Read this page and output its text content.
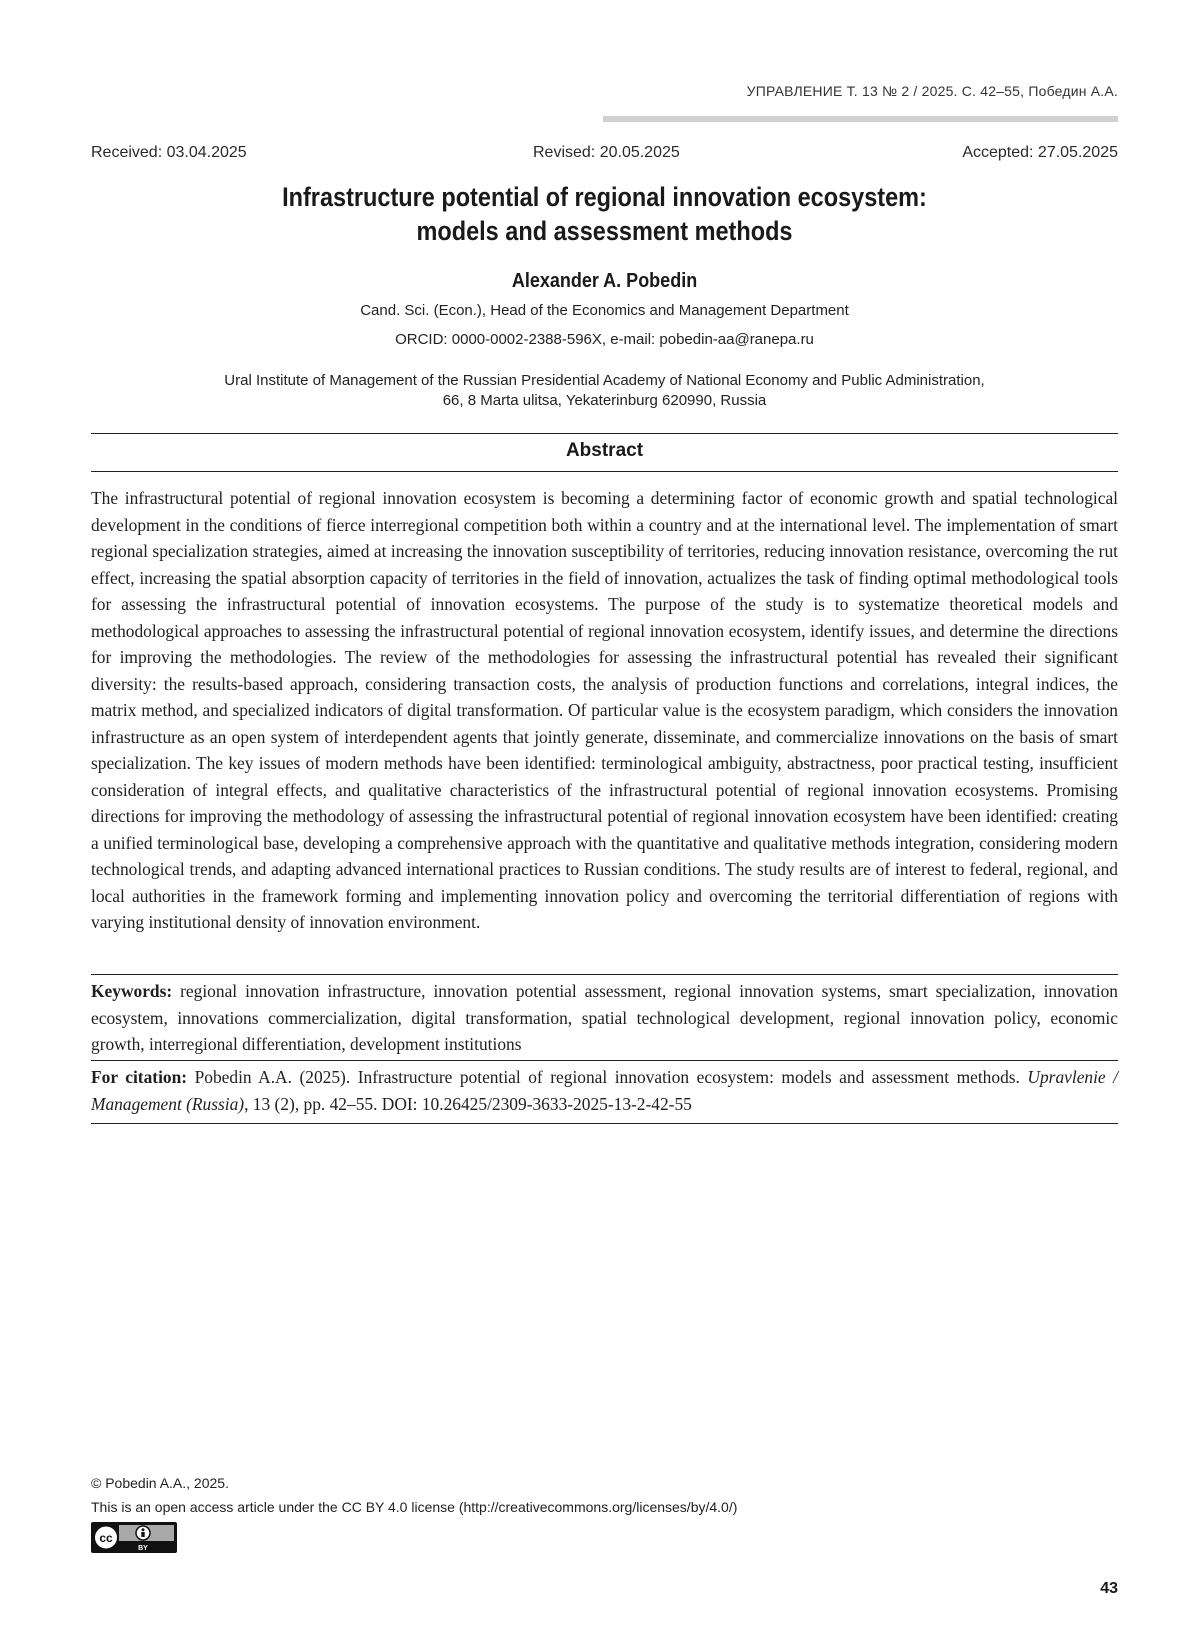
УПРАВЛЕНИЕ Т. 13 № 2 / 2025. С. 42–55, Победин А.А.
Received: 03.04.2025	Revised: 20.05.2025	Accepted: 27.05.2025
Infrastructure potential of regional innovation ecosystem:
models and assessment methods
Alexander A. Pobedin
Cand. Sci. (Econ.), Head of the Economics and Management Department
ORCID: 0000-0002-2388-596X, e-mail: pobedin-aa@ranepa.ru
Ural Institute of Management of the Russian Presidential Academy of National Economy and Public Administration,
66, 8 Marta ulitsa, Yekaterinburg 620990, Russia
Abstract
The infrastructural potential of regional innovation ecosystem is becoming a determining factor of economic growth and spatial technological development in the conditions of fierce interregional competition both within a country and at the international level. The implementation of smart regional specialization strategies, aimed at increasing the innovation susceptibility of territories, reducing innovation resistance, overcoming the rut effect, increasing the spatial absorption capacity of territories in the field of innovation, actualizes the task of finding optimal methodological tools for assessing the infrastructural potential of innovation ecosystems. The purpose of the study is to systematize theoretical models and methodological approaches to assessing the infrastructural potential of regional innovation ecosystem, identify issues, and determine the directions for improving the methodologies. The review of the methodologies for assessing the infrastructural potential has revealed their significant diversity: the results-based approach, considering transaction costs, the analysis of production functions and correlations, integral indices, the matrix method, and specialized indicators of digital transformation. Of particular value is the ecosystem paradigm, which considers the innovation infrastructure as an open system of interdependent agents that jointly generate, disseminate, and commercialize innovations on the basis of smart specialization. The key issues of modern methods have been identified: terminological ambiguity, abstractness, poor practical testing, insufficient consideration of integral effects, and qualitative characteristics of the infrastructural potential of regional innovation ecosystems. Promising directions for improving the methodology of assessing the infrastructural potential of regional innovation ecosystem have been identified: creating a unified terminological base, developing a comprehensive approach with the quantitative and qualitative methods integration, considering modern technological trends, and adapting advanced international practices to Russian conditions. The study results are of interest to federal, regional, and local authorities in the framework forming and implementing innovation policy and overcoming the territorial differentiation of regions with varying institutional density of innovation environment.
Keywords: regional innovation infrastructure, innovation potential assessment, regional innovation systems, smart specialization, innovation ecosystem, innovations commercialization, digital transformation, spatial technological development, regional innovation policy, economic growth, interregional differentiation, development institutions
For citation: Pobedin A.A. (2025). Infrastructure potential of regional innovation ecosystem: models and assessment methods. Upravlenie / Management (Russia), 13 (2), pp. 42–55. DOI: 10.26425/2309-3633-2025-13-2-42-55
© Pobedin A.A., 2025.
This is an open access article under the CC BY 4.0 license (http://creativecommons.org/licenses/by/4.0/)
cc
BY
43
